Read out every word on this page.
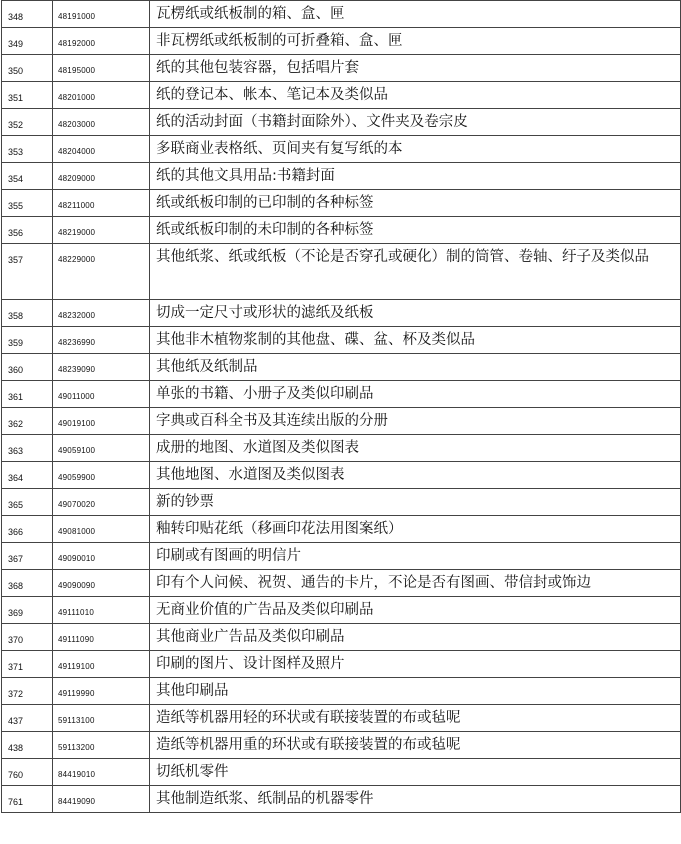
348	48191000	瓦楞纸或纸板制的箱、盒、匣
349	48192000	非瓦楞纸或纸板制的可折叠箱、盒、匣
350	48195000	纸的其他包装容器，包括唱片套
351	48201000	纸的登记本、帐本、笔记本及类似品
352	48203000	纸的活动封面（书籍封面除外）、文件夹及卷宗皮
353	48204000	多联商业表格纸、页间夹有复写纸的本
354	48209000	纸的其他文具用品:书籍封面
355	48211000	纸或纸板印制的已印制的各种标签
356	48219000	纸或纸板印制的未印制的各种标签
357	48229000	其他纸浆、纸或纸板（不论是否穿孔或硬化）制的筒管、卷轴、纡子及类似品
358	48232000	切成一定尺寸或形状的滤纸及纸板
359	48236990	其他非木植物浆制的其他盘、碟、盆、杯及类似品
360	48239090	其他纸及纸制品
361	49011000	单张的书籍、小册子及类似印刷品
362	49019100	字典或百科全书及其连续出版的分册
363	49059100	成册的地图、水道图及类似图表
364	49059900	其他地图、水道图及类似图表
365	49070020	新的钞票
366	49081000	釉转印贴花纸（移画印花法用图案纸）
367	49090010	印刷或有图画的明信片
368	49090090	印有个人问候、祝贺、通告的卡片，不论是否有图画、带信封或饰边
369	49111010	无商业价值的广告品及类似印刷品
370	49111090	其他商业广告品及类似印刷品
371	49119100	印刷的图片、设计图样及照片
372	49119990	其他印刷品
437	59113100	造纸等机器用轻的环状或有联接装置的布或毡呢
438	59113200	造纸等机器用重的环状或有联接装置的布或毡呢
760	84419010	切纸机零件
761	84419090	其他制造纸浆、纸制品的机器零件
